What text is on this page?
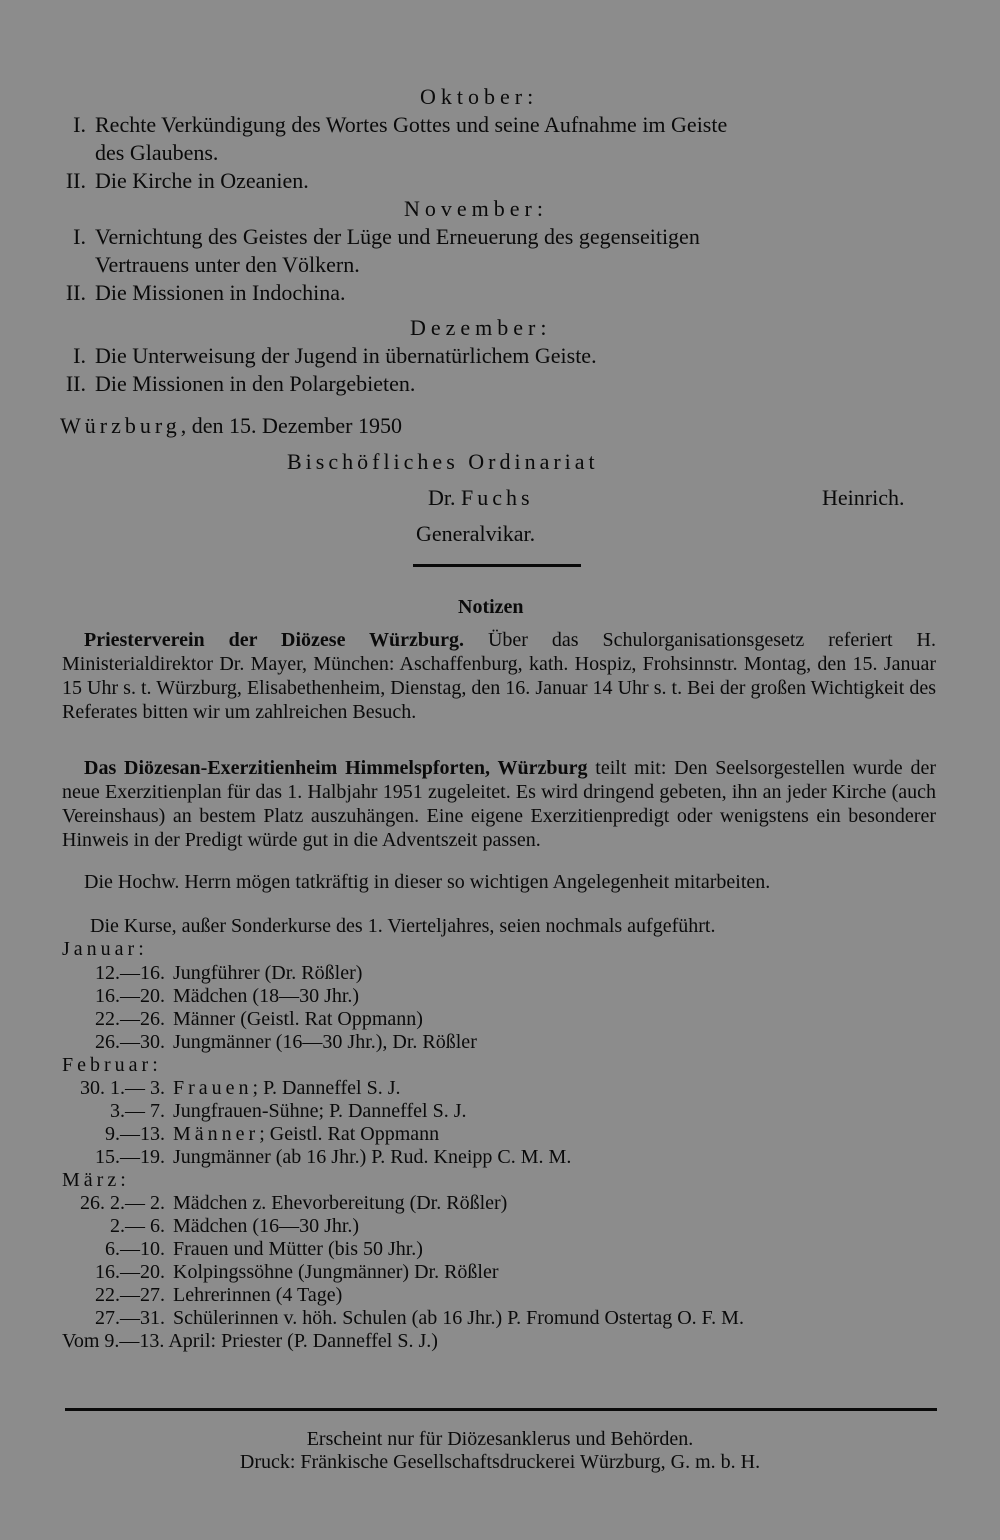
Oktober:
I. Rechte Verkündigung des Wortes Gottes und seine Aufnahme im Geiste
des Glaubens.
II. Die Kirche in Ozeanien.
November:
I. Vernichtung des Geistes der Lüge und Erneuerung des gegenseitigen
Vertrauens unter den Völkern.
II. Die Missionen in Indochina.
Dezember:
I. Die Unterweisung der Jugend in übernatürlichem Geiste.
II. Die Missionen in den Polargebieten.
Würzburg, den 15. Dezember 1950
Bischöfliches Ordinariat
Dr. Fuchs	Heinrich.
Generalvikar.
Notizen
Priesterverein der Diözese Würzburg. Über das Schulorganisationsgesetz referiert H. Ministerialdirektor Dr. Mayer, München: Aschaffenburg, kath. Hospiz, Frohsinnstr. Montag, den 15. Januar 15 Uhr s. t. Würzburg, Elisabethenheim, Dienstag, den 16. Januar 14 Uhr s. t. Bei der großen Wichtigkeit des Referates bitten wir um zahlreichen Besuch.
Das Diözesan-Exerzitienheim Himmelspforten, Würzburg teilt mit: Den Seelsorgestellen wurde der neue Exerzitienplan für das 1. Halbjahr 1951 zugeleitet. Es wird dringend gebeten, ihn an jeder Kirche (auch Vereinshaus) an bestem Platz auszuhängen. Eine eigene Exerzitienpredigt oder wenigstens ein besonderer Hinweis in der Predigt würde gut in die Adventszeit passen.
Die Hochw. Herrn mögen tatkräftig in dieser so wichtigen Angelegenheit mitarbeiten.
Die Kurse, außer Sonderkurse des 1. Vierteljahres, seien nochmals aufgeführt.
Januar:
12.—16. Jungführer (Dr. Rößler)
16.—20. Mädchen (18—30 Jhr.)
22.—26. Männer (Geistl. Rat Oppmann)
26.—30. Jungmänner (16—30 Jhr.), Dr. Rößler
Februar:
30. 1.— 3. Frauen; P. Danneffel S. J.
3.— 7. Jungfrauen-Sühne; P. Danneffel S. J.
9.—13. Männer; Geistl. Rat Oppmann
15.—19. Jungmänner (ab 16 Jhr.) P. Rud. Kneipp C. M. M.
März:
26. 2.— 2. Mädchen z. Ehevorbereitung (Dr. Rößler)
2.— 6. Mädchen (16—30 Jhr.)
6.—10. Frauen und Mütter (bis 50 Jhr.)
16.—20. Kolpingssöhne (Jungmänner) Dr. Rößler
22.—27. Lehrerinnen (4 Tage)
27.—31. Schülerinnen v. höh. Schulen (ab 16 Jhr.) P. Fromund Ostertag O. F. M.
Vom 9.—13. April: Priester (P. Danneffel S. J.)
Erscheint nur für Diözesanklerus und Behörden.
Druck: Fränkische Gesellschaftsdruckerei Würzburg, G. m. b. H.
